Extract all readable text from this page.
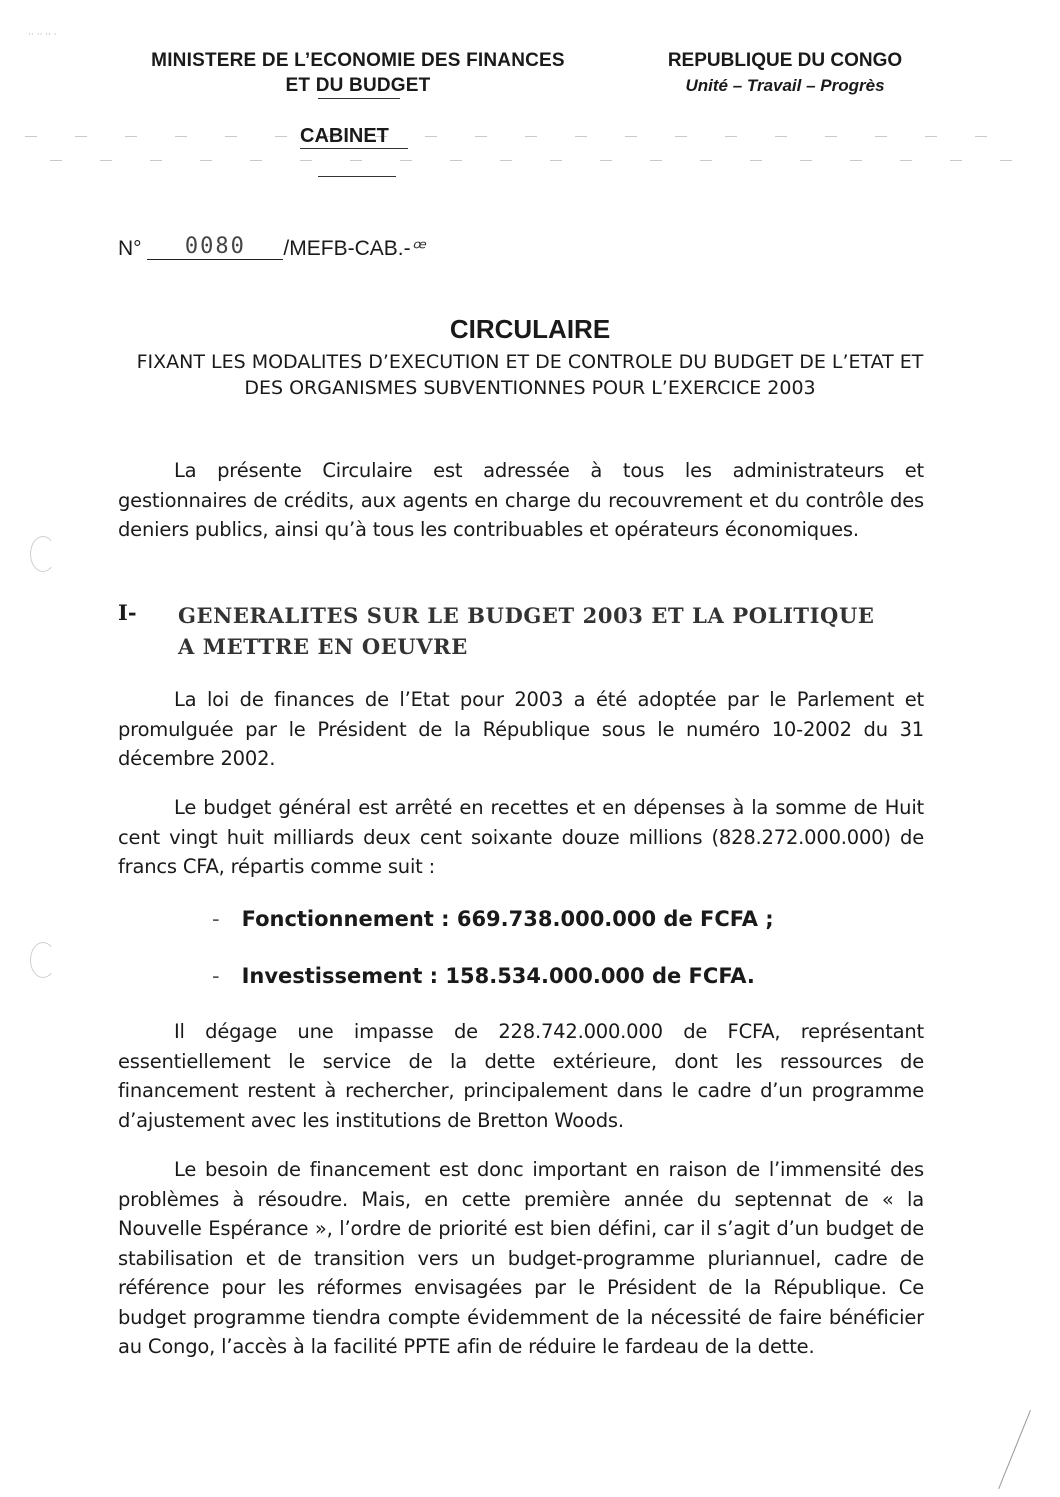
·· ·· ·· ·
MINISTERE DE L’ECONOMIE DES FINANCES
ET DU BUDGET
REPUBLIQUE DU CONGO
Unité – Travail – Progrès
CABINET
N° 0080 /MEFB-CAB.-ꟹ
CIRCULAIRE
FIXANT LES MODALITES D’EXECUTION ET DE CONTROLE DU BUDGET DE L’ETAT ET DES ORGANISMES SUBVENTIONNES POUR L’EXERCICE 2003
La présente Circulaire est adressée à tous les administrateurs et gestionnaires de crédits, aux agents en charge du recouvrement et du contrôle des deniers publics, ainsi qu’à tous les contribuables et opérateurs économiques.
I- GENERALITES SUR LE BUDGET 2003 ET LA POLITIQUE A METTRE EN OEUVRE
La loi de finances de l’Etat pour 2003 a été adoptée par le Parlement et promulguée par le Président de la République sous le numéro 10-2002 du 31 décembre 2002.
Le budget général est arrêté en recettes et en dépenses à la somme de Huit cent vingt huit milliards deux cent soixante douze millions (828.272.000.000) de francs CFA, répartis comme suit :
- Fonctionnement : 669.738.000.000 de FCFA ;
- Investissement : 158.534.000.000 de FCFA.
Il dégage une impasse de 228.742.000.000 de FCFA, représentant essentiellement le service de la dette extérieure, dont les ressources de financement restent à rechercher, principalement dans le cadre d’un programme d’ajustement avec les institutions de Bretton Woods.
Le besoin de financement est donc important en raison de l’immensité des problèmes à résoudre. Mais, en cette première année du septennat de « la Nouvelle Espérance », l’ordre de priorité est bien défini, car il s’agit d’un budget de stabilisation et de transition vers un budget-programme pluriannuel, cadre de référence pour les réformes envisagées par le Président de la République. Ce budget programme tiendra compte évidemment de la nécessité de faire bénéficier au Congo, l’accès à la facilité PPTE afin de réduire le fardeau de la dette.
